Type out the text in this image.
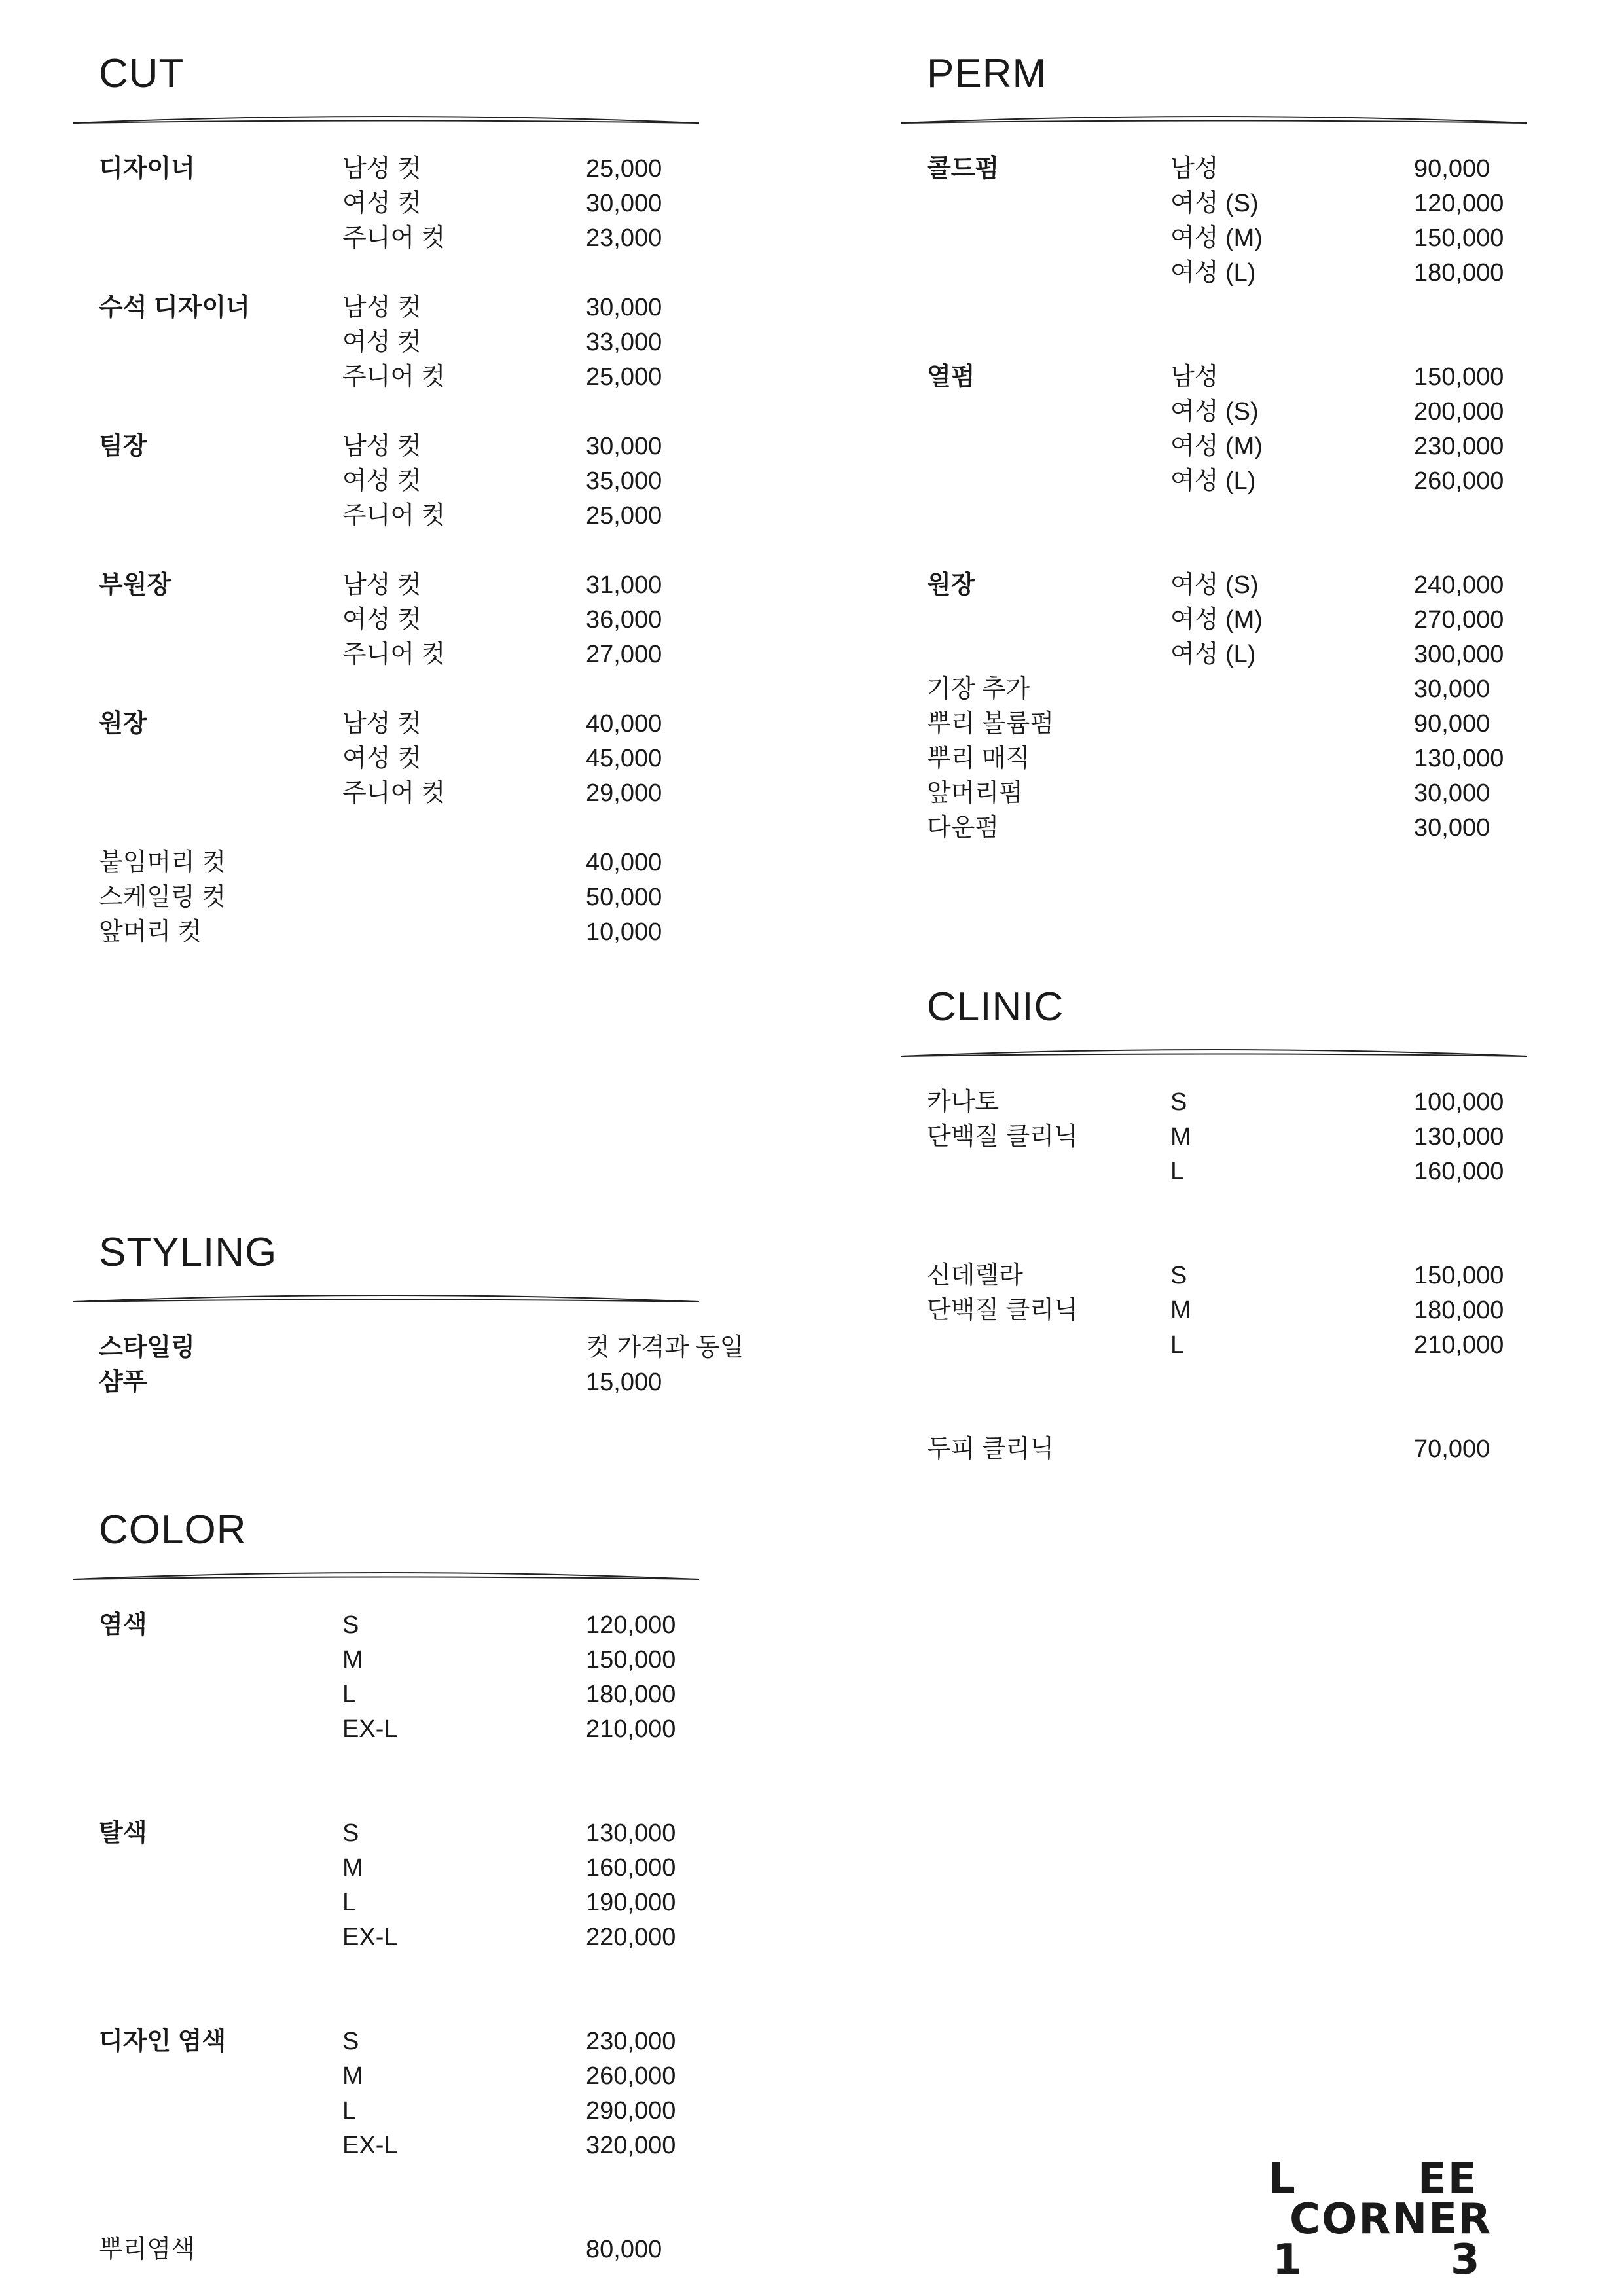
CUT
디자이너	남성 컷	25,000
여성 컷	30,000
주니어 컷	23,000
수석 디자이너	남성 컷	30,000
여성 컷	33,000
주니어 컷	25,000
팀장	남성 컷	30,000
여성 컷	35,000
주니어 컷	25,000
부원장	남성 컷	31,000
여성 컷	36,000
주니어 컷	27,000
원장	남성 컷	40,000
여성 컷	45,000
주니어 컷	29,000
붙임머리 컷	40,000
스케일링 컷	50,000
앞머리 컷	10,000
STYLING
스타일링	컷 가격과 동일
샴푸	15,000
COLOR
염색	S	120,000
M	150,000
L	180,000
EX-L	210,000
탈색	S	130,000
M	160,000
L	190,000
EX-L	220,000
디자인 염색	S	230,000
M	260,000
L	290,000
EX-L	320,000
뿌리염색	80,000
PERM
콜드펌	남성	90,000
여성 (S)	120,000
여성 (M)	150,000
여성 (L)	180,000
열펌	남성	150,000
여성 (S)	200,000
여성 (M)	230,000
여성 (L)	260,000
원장	여성 (S)	240,000
여성 (M)	270,000
여성 (L)	300,000
기장 추가	30,000
뿌리 볼륨펌	90,000
뿌리 매직	130,000
앞머리펌	30,000
다운펌	30,000
CLINIC
카나토	S	100,000
단백질 클리닉	M	130,000
L	160,000
신데렐라	S	150,000
단백질 클리닉	M	180,000
L	210,000
두피 클리닉	70,000
L	EE
CORNER
1	3
